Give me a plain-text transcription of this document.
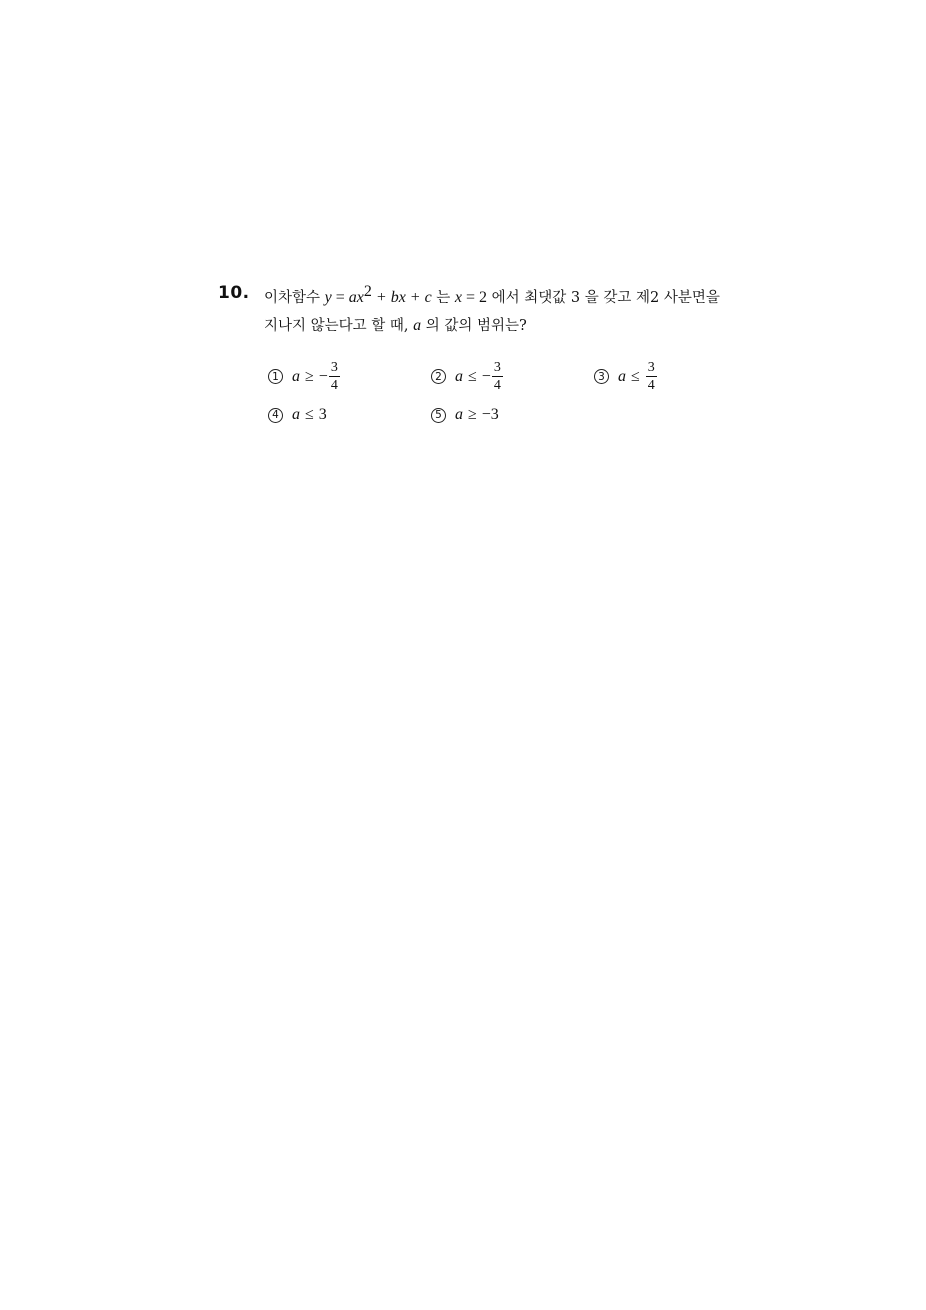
10. 이차함수 $y = ax^2$ + bx + c 는 x = 2 에서 최댓값 3 을 갖고 제2 사분면을
지나지 않는다고 할 때, a 의 값의 범위는?
1 a ≥ − $\frac{3}{4}$	2 a ≤ − $\frac{3}{4}$	3 $a \le \frac{3}{4}$
4 a ≤ 3	5 a ≥ −3
